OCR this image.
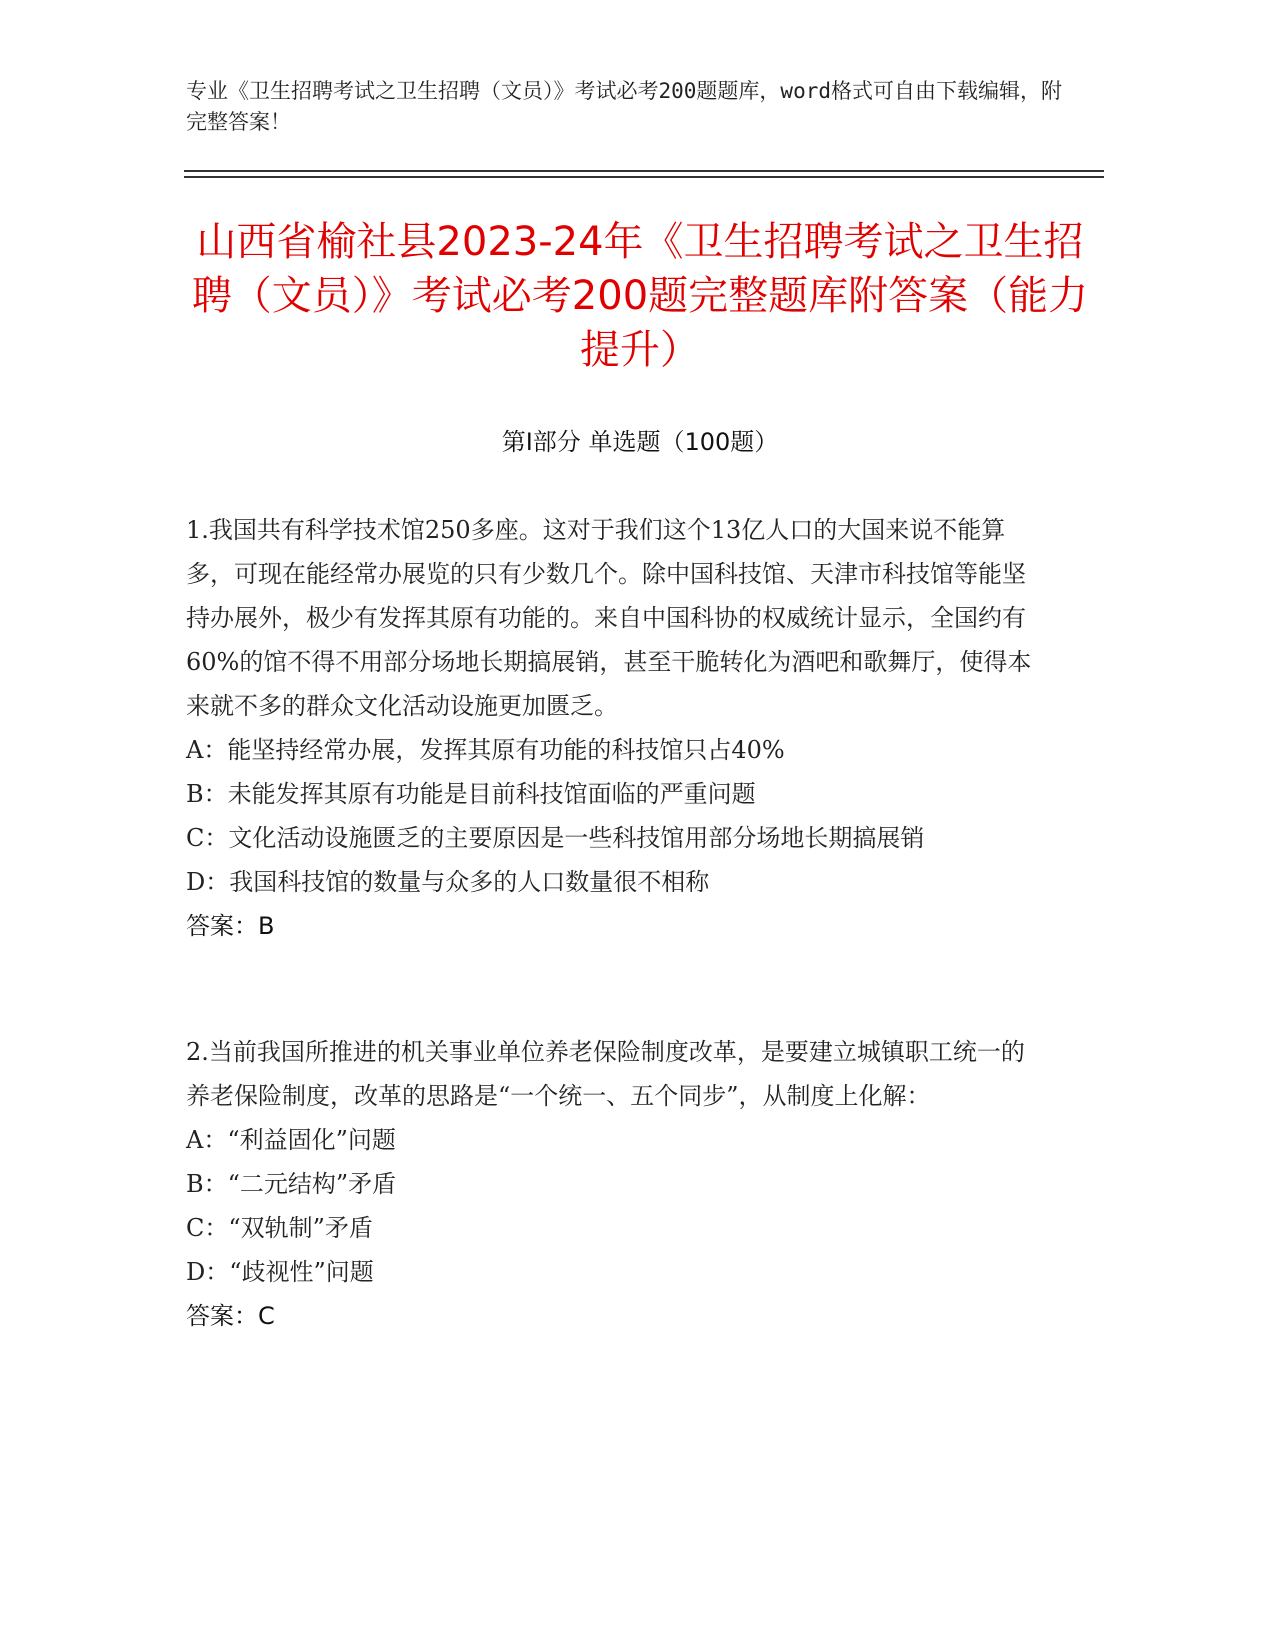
专业《卫生招聘考试之卫生招聘（文员）》考试必考200题题库，word格式可自由下载编辑，附完整答案！
山西省榆社县2023-24年《卫生招聘考试之卫生招聘（文员）》考试必考200题完整题库附答案（能力提升）
第I部分 单选题（100题）

1.我国共有科学技术馆250多座。这对于我们这个13亿人口的大国来说不能算多，可现在能经常办展览的只有少数几个。除中国科技馆、天津市科技馆等能坚持办展外，极少有发挥其原有功能的。来自中国科协的权威统计显示，全国约有60%的馆不得不用部分场地长期搞展销，甚至干脆转化为酒吧和歌舞厅，使得本来就不多的群众文化活动设施更加匮乏。

A：能坚持经常办展，发挥其原有功能的科技馆只占40%

B：未能发挥其原有功能是目前科技馆面临的严重问题

C：文化活动设施匮乏的主要原因是一些科技馆用部分场地长期搞展销

D：我国科技馆的数量与众多的人口数量很不相称

答案：B

2.当前我国所推进的机关事业单位养老保险制度改革，是要建立城镇职工统一的养老保险制度，改革的思路是“一个统一、五个同步”，从制度上化解：

A：“利益固化”问题

B：“二元结构”矛盾

C：“双轨制”矛盾

D：“歧视性”问题

答案：C
